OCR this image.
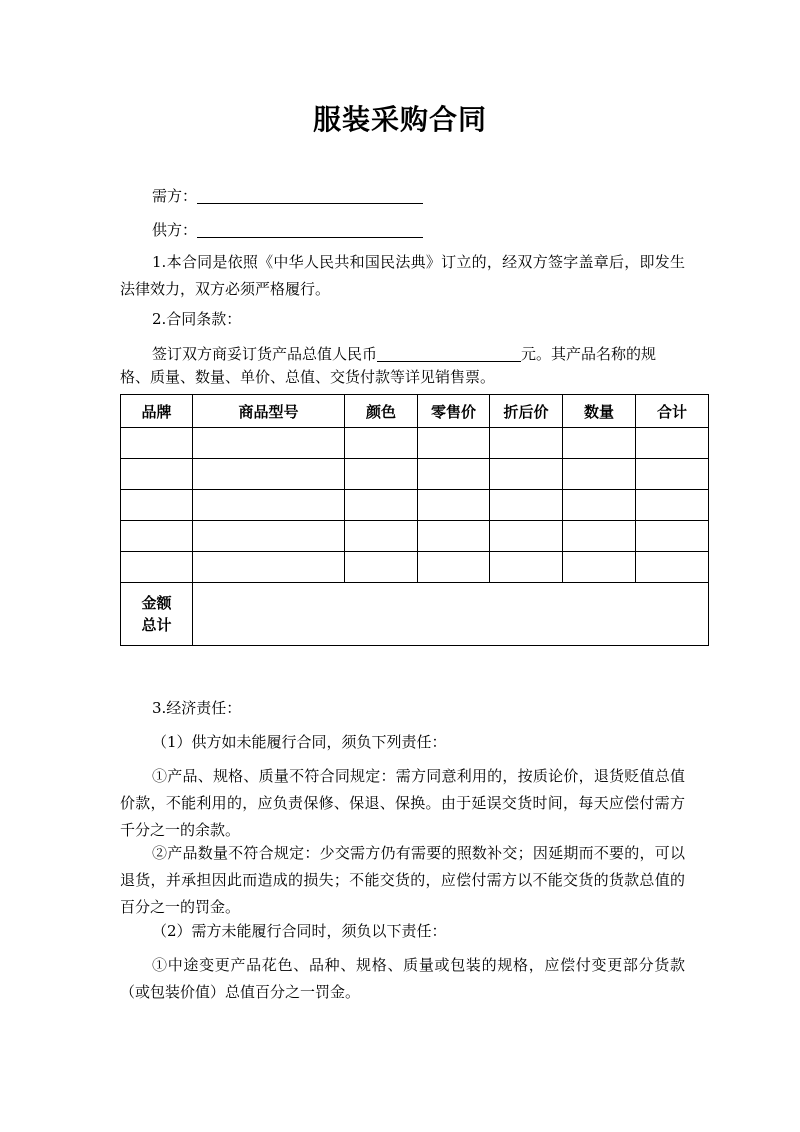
服装采购合同
需方：
供方：
1.本合同是依照《中华人民共和国民法典》订立的，经双方签字盖章后，即发生法律效力，双方必须严格履行。
2.合同条款：
签订双方商妥订货产品总值人民币	元。其产品名称的规
格、质量、数量、单价、总值、交货付款等详见销售票。
品牌	商品型号	颜色	零售价	折后价	数量	合计

金额
总计						

3.经济责任：
（1）供方如未能履行合同，须负下列责任：
①产品、规格、质量不符合同规定：需方同意利用的，按质论价，退货贬值总值价款，不能利用的，应负责保修、保退、保换。由于延误交货时间，每天应偿付需方千分之一的余款。
②产品数量不符合规定：少交需方仍有需要的照数补交；因延期而不要的，可以退货，并承担因此而造成的损失；不能交货的，应偿付需方以不能交货的货款总值的百分之一的罚金。
（2）需方未能履行合同时，须负以下责任：
①中途变更产品花色、品种、规格、质量或包装的规格，应偿付变更部分货款（或包装价值）总值百分之一罚金。
